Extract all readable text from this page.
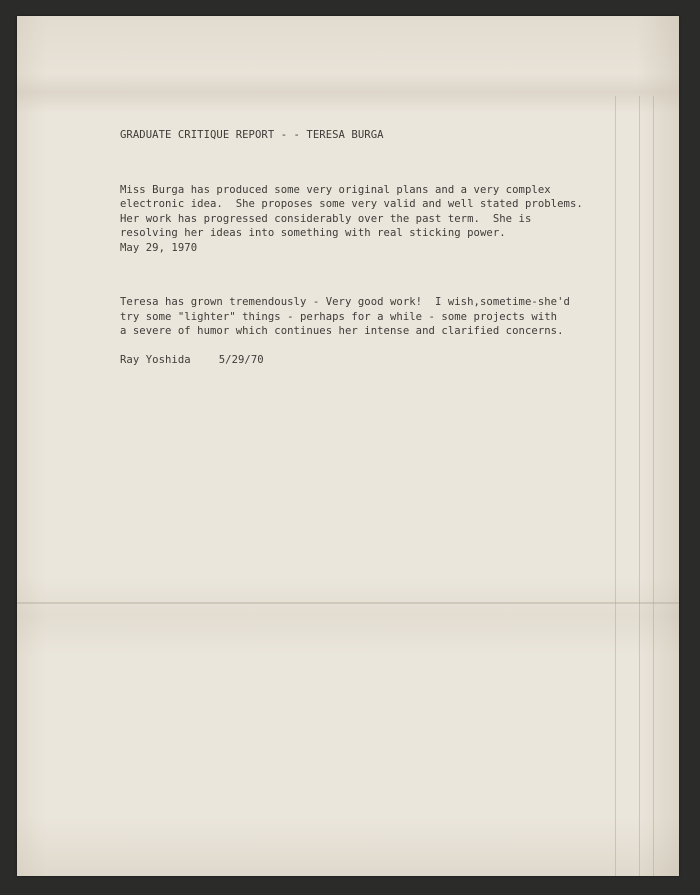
GRADUATE CRITIQUE REPORT - - TERESA BURGA

Miss Burga has produced some very original plans and a very complex
electronic idea.  She proposes some very valid and well stated problems.
Her work has progressed considerably over the past term.  She is
resolving her ideas into something with real sticking power.

May 29, 1970

Teresa has grown tremendously - Very good work!  I wish,sometime-she'd
try some "lighter" things - perhaps for a while - some projects with
a severe of humor which continues her intense and clarified concerns.

Ray Yoshida	5/29/70
